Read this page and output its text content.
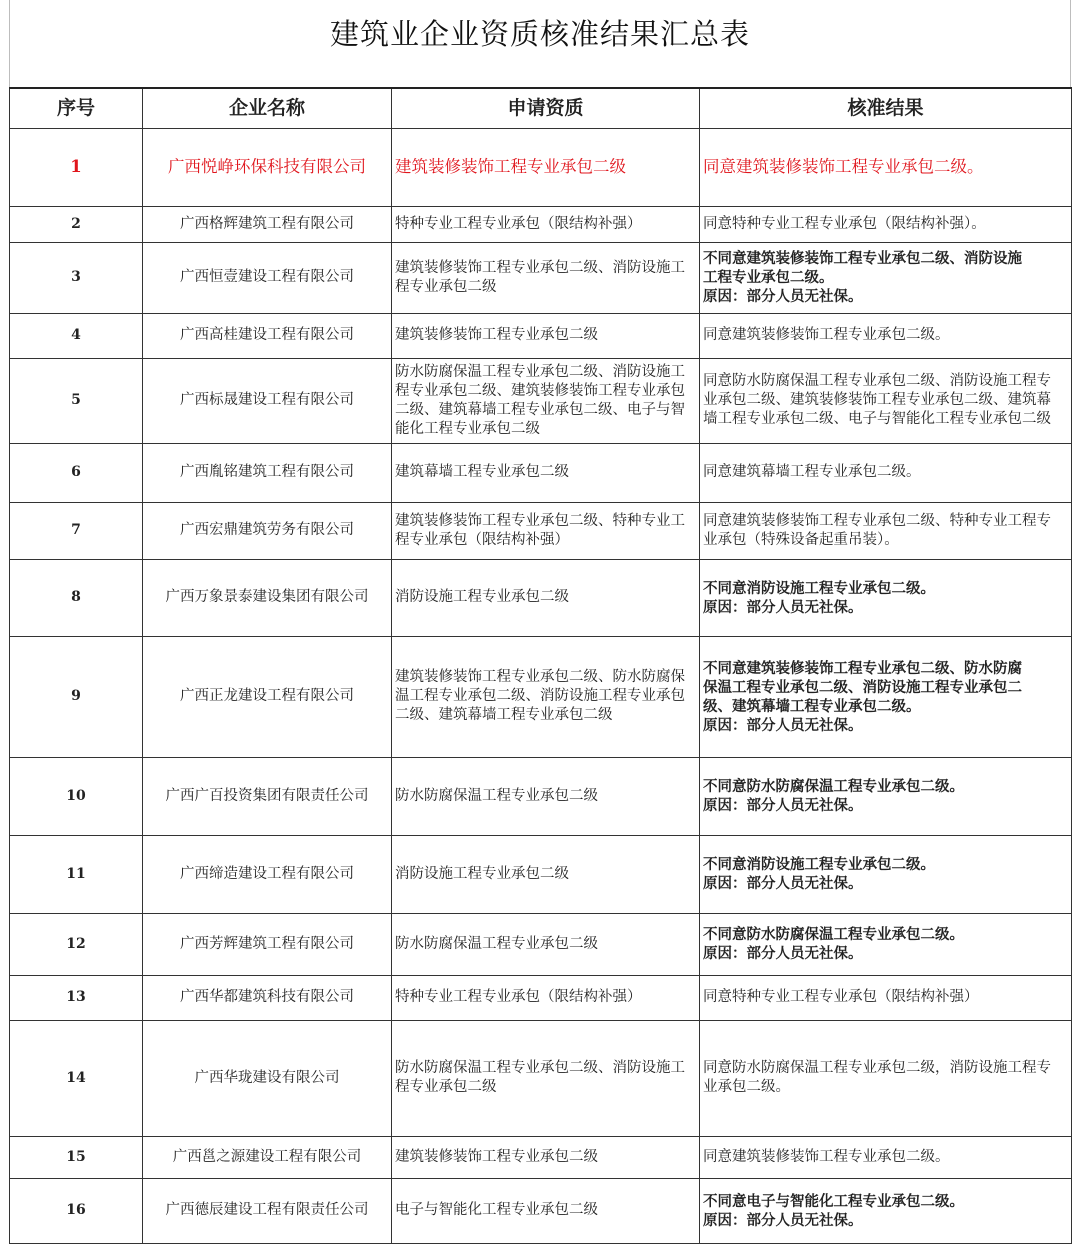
建筑业企业资质核准结果汇总表
序号	企业名称	申请资质	核准结果
1	广西悦峥环保科技有限公司	建筑装修装饰工程专业承包二级	同意建筑装修装饰工程专业承包二级。

2	广西格辉建筑工程有限公司	特种专业工程专业承包（限结构补强）	同意特种专业工程专业承包（限结构补强）。

3	广西恒壹建设工程有限公司	建筑装修装饰工程专业承包二级、消防设施工
程专业承包二级	不同意建筑装修装饰工程专业承包二级、消防设施
工程专业承包二级。
原因：部分人员无社保。

4	广西高桂建设工程有限公司	建筑装修装饰工程专业承包二级	同意建筑装修装饰工程专业承包二级。

5	广西标晟建设工程有限公司	防水防腐保温工程专业承包二级、消防设施工
程专业承包二级、建筑装修装饰工程专业承包
二级、建筑幕墙工程专业承包二级、电子与智
能化工程专业承包二级	同意防水防腐保温工程专业承包二级、消防设施工程专
业承包二级、建筑装修装饰工程专业承包二级、建筑幕
墙工程专业承包二级、电子与智能化工程专业承包二级

6	广西胤铭建筑工程有限公司	建筑幕墙工程专业承包二级	同意建筑幕墙工程专业承包二级。

7	广西宏鼎建筑劳务有限公司	建筑装修装饰工程专业承包二级、特种专业工
程专业承包（限结构补强）	同意建筑装修装饰工程专业承包二级、特种专业工程专
业承包（特殊设备起重吊装）。

8	广西万象景泰建设集团有限公司	消防设施工程专业承包二级	不同意消防设施工程专业承包二级。
原因：部分人员无社保。

9	广西正龙建设工程有限公司	建筑装修装饰工程专业承包二级、防水防腐保
温工程专业承包二级、消防设施工程专业承包
二级、建筑幕墙工程专业承包二级	不同意建筑装修装饰工程专业承包二级、防水防腐
保温工程专业承包二级、消防设施工程专业承包二
级、建筑幕墙工程专业承包二级。
原因：部分人员无社保。

10	广西广百投资集团有限责任公司	防水防腐保温工程专业承包二级	不同意防水防腐保温工程专业承包二级。
原因：部分人员无社保。

11	广西缔造建设工程有限公司	消防设施工程专业承包二级	不同意消防设施工程专业承包二级。
原因：部分人员无社保。

12	广西芳辉建筑工程有限公司	防水防腐保温工程专业承包二级	不同意防水防腐保温工程专业承包二级。
原因：部分人员无社保。

13	广西华都建筑科技有限公司	特种专业工程专业承包（限结构补强）	同意特种专业工程专业承包（限结构补强）

14	广西华珑建设有限公司	防水防腐保温工程专业承包二级、消防设施工
程专业承包二级	同意防水防腐保温工程专业承包二级，消防设施工程专
业承包二级。

15	广西邕之源建设工程有限公司	建筑装修装饰工程专业承包二级	同意建筑装修装饰工程专业承包二级。

16	广西德辰建设工程有限责任公司	电子与智能化工程专业承包二级	不同意电子与智能化工程专业承包二级。
原因：部分人员无社保。
